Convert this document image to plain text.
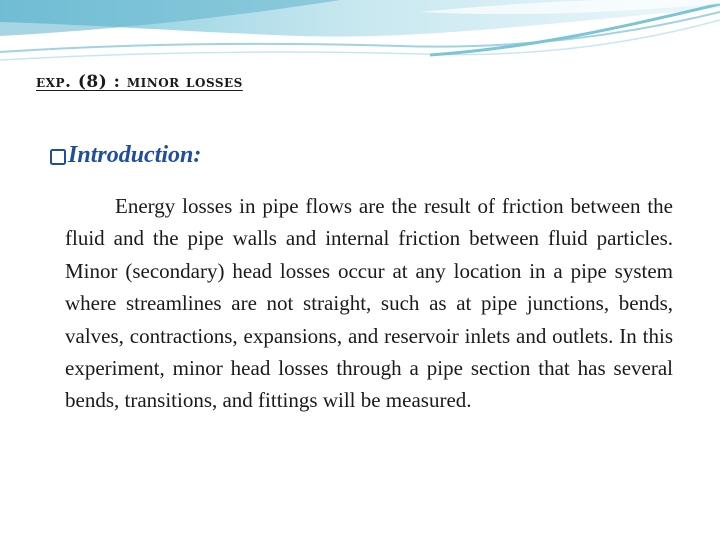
exp. (8) : minor losses
Introduction:

Energy losses in pipe flows are the result of friction between the fluid and the pipe walls and internal friction between fluid particles. Minor (secondary) head losses occur at any location in a pipe system where streamlines are not straight, such as at pipe junctions, bends, valves, contractions, expansions, and reservoir inlets and outlets. In this experiment, minor head losses through a pipe section that has several bends, transitions, and fittings will be measured.
